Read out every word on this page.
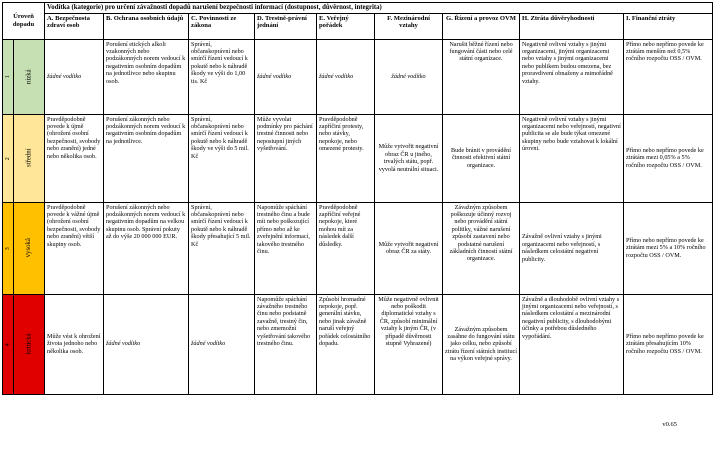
Úroveň dopadu		Vodítka (kategorie) pro určení závažnosti dopadů narušení bezpečnosti informací (dostupnost, důvěrnost, integrita)								
		A. Bezpečnosta zdraví osob	B. Ochrana osobních údajů	C. Povinnosti ze zákona	D. Trestně-právní jednání	E. Veřejný pořádek	F. Mezinárodní vztahy	G. Řízení a provoz OVM	H. Ztráta důvěryhodnosti	I. Finanční ztráty
1	nízká	žádné vodítko	Porušení etických alkoli vzakonných nebo podzákonných norem vedoucí k negativním osobním dopadům na jednotlivce nebo skupinu osob.	Správní, občanskoprávní nebo smírčí řízení vedoucí k pokutě nebo k náhradě škody ve výši do 1,00 tis. Kč	žádné vodítko	žádné vodítko	žádné vodítko	Narušit běžné řízení nebo fungování části nebo celé státní organizace.	Negativně ovlivní vztahy s jinými organizacemi, jinými organizacemi nebo vztahy s jinými organizacemi nebo publikem budou omezena, bez proravdivení obnaženy a mimořádně vztahy.	Přímo nebo nepřímo povede ke ztrátám menším než 0,5% ročního rozpočtu OSS / OVM.
2	střední	Pravděpodobně povede k újmě (ohrožení osobní bezpečnosti, svobody nebo zranění) jedné nebo několika osob.	Porušení zákonných nebo podzákonných norem vedoucí k negativním osobním dopadům na jednotlivce.	Správní, občanskoprávní nebo smírčí řízení vedoucí k pokutě nebo k náhradě škody ve výši do 5 mil. Kč	Může vyvolat podmínky pro páchání trestné činnosti nebo nepostupní jiných vyšetřování.	Pravděpodobně zapříčiní protesty, nebo stávky, nepokoje, nebo omezené protesty.	Může vytvořit negativní obraz ČR u jiného, trvalých státu, popř. vyvolá neutrální situaci.	Bude bránit v provádění činnosti efektivní státní organizace.	Negativně ovlivní vztahy s jinými organizacemi nebo veřejností, negativní publicita se ale bude týkat omezené skupiny nebo bude vztahovat k lokální úrovni.	Přímo nebo nepřímo povede ke ztrátám mezi 0,05% a 5% ročního rozpočtu OSS / OVM.
3	vysoká	Pravděpodobně povede k vážné újmě (ohrožení osobní bezpečnosti, svobody nebo zranění) větší skupiny osob.	Porušení zákonných nebo podzákonných norem vedoucí k negativním dopadům na velkou skupinu osob. Správní pokuty až do výše 20 000 000 EUR.	Správní, občanskoprávní nebo smírčí řízení vedoucí k pokutě nebo k náhradě škody přesahující 5 mil. Kč	Napomůže spáchání trestného činu a bude mít nebo poškozující přímo nebo až ke zveřejnění informací, takového trestného činu.	Pravděpodobně zapříčiní veřejné nepokoje, které mohou mít za následek další důsledky.	Může vytvořit negativní obraz ČR za státy.	Závažným způsobem poškozuje účinný rozvoj nebo provádění státní politiky, vážné narušení způsobí zastavení nebo podstatné narušení základních činností státní organizace.	Závažně ovlivní vztahy s jinými organizacemi nebo veřejností, s následkem celostátní negativní publicity.	Přímo nebo nepřímo povede ke ztrátám mezi 5% a 10% ročního rozpočtu OSS / OVM.
4	kritická	Může vést k ohrožení života jednoho nebo několika osob.	žádné vodítko	žádné vodítko	Napomůže spáchání závažného trestného činu nebo podstatně zavažně, trestný čin, nebo zmemožní vyšetřování takového trestného činu.	Způsobí hromadné nepokoje, popř. generální stávku, nebo jinak závažně naruší veřejný pořádek celostátního dopadu.	Může negativně ovlivnit nebo poškodit diplomatické vztahy s ČR, způsobí minimální vztahy k jiným ČR, (v případě důvěrnosti stupně Vyhrazené)	Závažným způsobem zasáhne do fungování státu jako celku, nebo způsobí ztrátu řízení státních institucí na výkon veřejné správy.	Závažně a dlouhodobě ovlivní vztahy s jinými organizacemi nebo veřejností, s následkem celostátní a mezinárodní negativní publicity, s dlouhodobými účinky a potřebou důsledného vypořádání.	Přímo nebo nepřímo povede ke ztrátám přesahujícím 10% ročního rozpočtu OSS / OVM.
v0.65
